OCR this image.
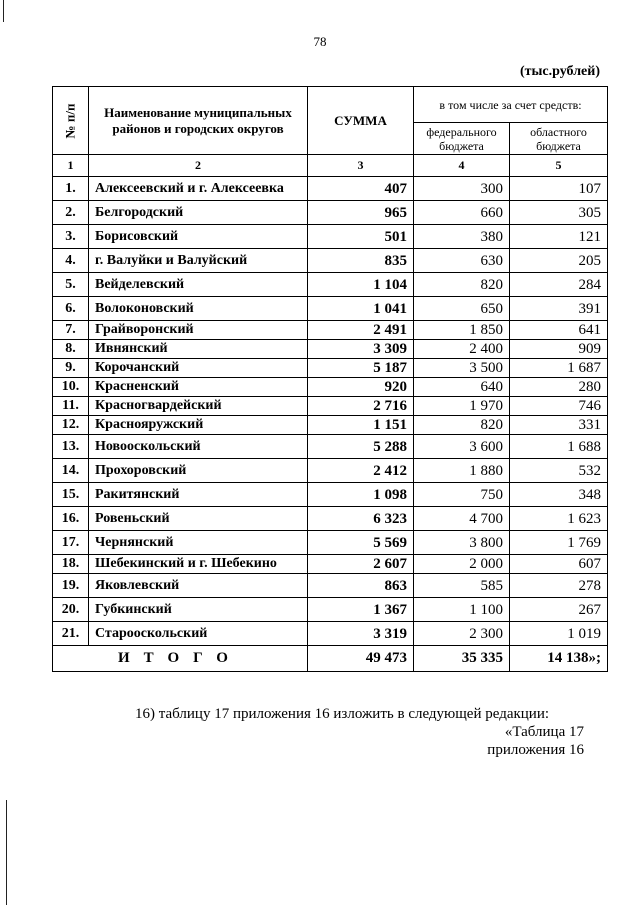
78
(тыс.рублей)
№ п/п	Наименование муниципальных районов и городских округов	СУММА	в том числе за счет средств:	
			федерального бюджета	областного бюджета
1	2	3	4	5
1.	Алексеевский и г. Алексеевка	407	300	107
2.	Белгородский	965	660	305
3.	Борисовский	501	380	121
4.	г. Валуйки и Валуйский	835	630	205
5.	Вейделевский	1 104	820	284
6.	Волоконовский	1 041	650	391
7.	Грайворонский	2 491	1 850	641
8.	Ивнянский	3 309	2 400	909
9.	Корочанский	5 187	3 500	1 687
10.	Красненский	920	640	280
11.	Красногвардейский	2 716	1 970	746
12.	Краснояружский	1 151	820	331
13.	Новооскольский	5 288	3 600	1 688
14.	Прохоровский	2 412	1 880	532
15.	Ракитянский	1 098	750	348
16.	Ровеньский	6 323	4 700	1 623
17.	Чернянский	5 569	3 800	1 769
18.	Шебекинский и г. Шебекино	2 607	2 000	607
19.	Яковлевский	863	585	278
20.	Губкинский	1 367	1 100	267
21.	Старооскольский	3 319	2 300	1 019
ИТОГО		49 473	35 335	14 138»;
16) таблицу 17 приложения 16 изложить в следующей редакции:
«Таблица 17
приложения 16
